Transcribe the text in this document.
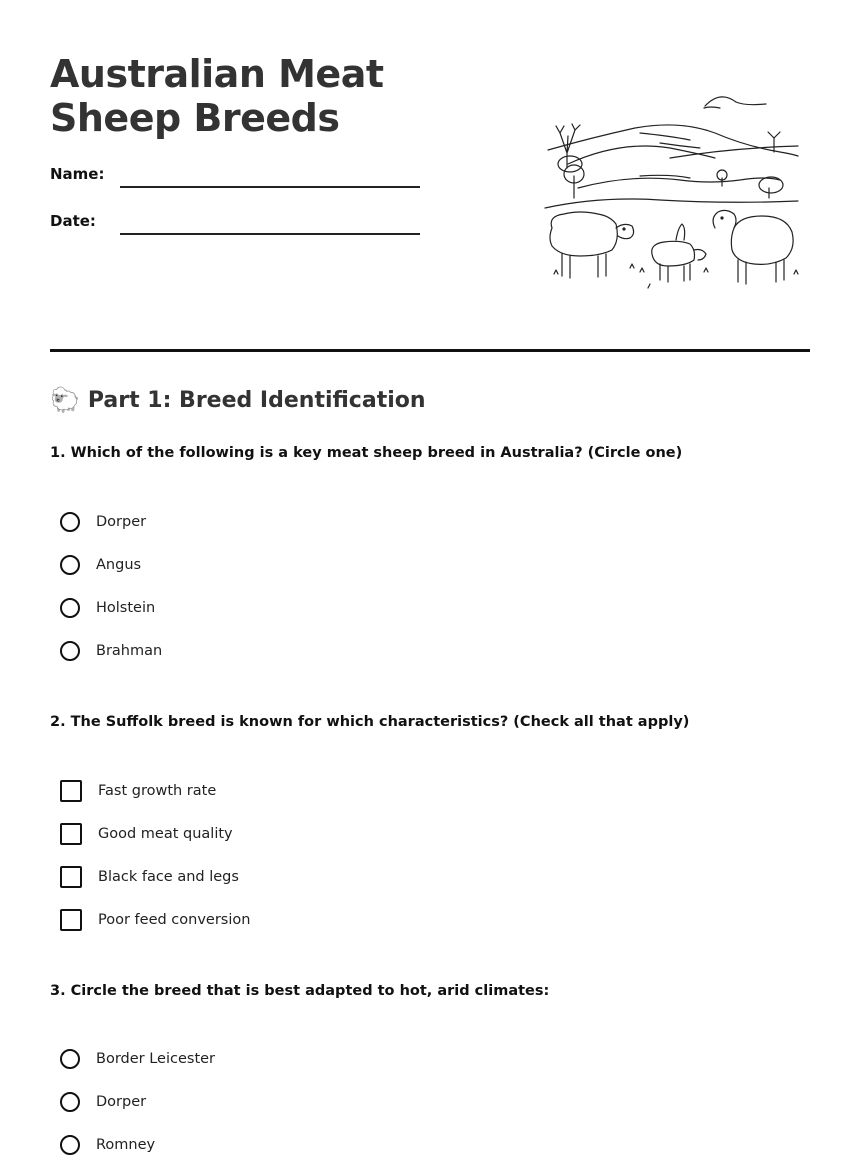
Australian Meat Sheep Breeds
Name:
Date:
🐑 Part 1: Breed Identification
1. Which of the following is a key meat sheep breed in Australia? (Circle one)
Dorper
Angus
Holstein
Brahman
2. The Suffolk breed is known for which characteristics? (Check all that apply)
Fast growth rate
Good meat quality
Black face and legs
Poor feed conversion
3. Circle the breed that is best adapted to hot, arid climates:
Border Leicester
Dorper
Romney
